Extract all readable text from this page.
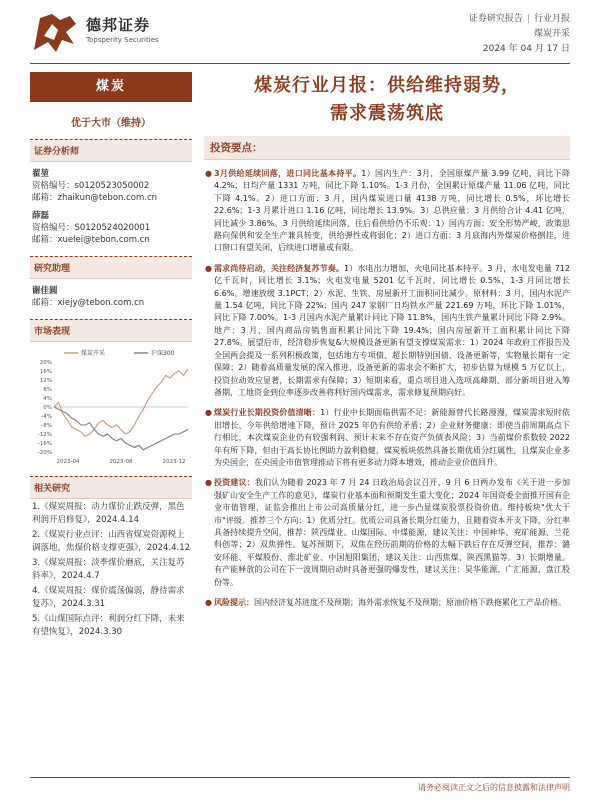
德邦证券
Topsperity Securities
证券研究报告 | 行业月报
煤炭开采
2024 年 04 月 17 日
煤炭
优于大市（维持）
证券分析师
翟堃
资格编号：s0120523050002
邮箱：zhaikun@tebon.com.cn
薛磊
资格编号：S0120524020001
邮箱：xuelei@tebon.com.cn
研究助理
谢佳圆
邮箱：xiejy@tebon.com.cn
市场表现
20%
16%
12%
8%
4%
0%
-4%
-8%
-12%
-16%
-20%
2023-04	2023-08	2023-12
煤炭开采	沪深300
相关研究
1.《煤炭周报：动力煤价止跌反弹，黑色利润开启修复》，2024.4.14
2.《煤炭行业点评：山西省煤炭资源税上调落地，焦煤价格支撑更强》，2024.4.12
3.《煤炭周报：淡季煤价磨底，关注复苏斜率》，2024.4.7
4.《煤炭周报：煤价震荡偏弱，静待需求复苏》，2024.3.31
5.《山煤国际点评：利润分红下降，未来有望恢复》，2024.3.30
煤炭行业月报：供给维持弱势，
需求震荡筑底
投资要点：
● 3月供给延续回落，进口同比基本持平。1）国内生产：3月，全国原煤产量 3.99 亿吨，同比下降 4.2%；日均产量 1331 万吨，同比下降 1.10%。1-3 月份，全国累计原煤产量 11.06 亿吨，同比下降 4.1%。2）进口方面：3 月，国内煤炭进口量 4138 万吨，同比增长 0.5%，环比增长 22.6%；1-3 月累计进口 1.16 亿吨，同比增长 13.9%。3）总供应量：3 月供给合计 4.41 亿吨，同比减少 3.86%。3 月供给延续回落，往后看供给仍不乐观：1）国内方面：安全形势严峻，政策思路向保供和安全生产兼具转变，供给弹性或将弱化；2）进口方面：3 月底海内外煤炭价格倒挂，进口窗口有望关闭，后续进口增量或有限。
● 需求尚待启动，关注经济复苏节奏。1）水电出力增加，火电同比基本持平。3 月，水电发电量 712 亿千瓦时，同比增长 3.1%；火电发电量 5201 亿千瓦时，同比增长 0.5%，1-3 月同比增长 6.6%，增速放缓 3.1PCT；2）水泥、生铁、房屋新开工面积同比减少。原材料：3 月，国内水泥产量 1.54 亿吨，同比下降 22%；国内 247 家钢厂日均铁水产量 221.69 万吨，环比下降 1.01%，同比下降 7.00%。1-3 月国内水泥产量累计同比下降 11.8%，国内生铁产量累计同比下降 2.9%。地产：3 月，国内商品房销售面积累计同比下降 19.4%；国内房屋新开工面积累计同比下降 27.8%。展望后市，经济稳步恢复&大规模设备更新有望支撑煤炭需求：1）2024 年政府工作报告及全国两会提及一系列积极政策，包括地方专项债、超长期特别国债、设备更新等，实物量长期有一定保障；2）随着高质量发展的深入推进，设备更新的需求会不断扩大，初步估算为规模 5 万亿以上，投资拉动效应显著，长期需求有保障；3）短期来看，重点项目进入选项高峰期、部分新项目进入筹备期，工地资金到位率逐步改善将利好国内煤需求，需求修复预期向好。
● 煤炭行业长期投资价值清晰：1）行业中长期面临供需不足：新能源替代长路漫漫，煤炭需求短时依旧增长、今年供给增速下降，预计 2025 年仍有供给矛盾；2）企业财务健康：即使当前周期高点下行相比，本次煤炭企业仍有较强利润、预计未来不存在资产负债表风险；3）当前煤价系数较 2022 年有所下降，但由于高长协比例助力盈利稳健，煤炭板块依然具备长期优质分红属性，且煤炭企业多为央国企，在央国企市值管理推动下将有更多动力降本增效，推动企业价值回升。
● 投资建议：我们认为随着 2023 年 7 月 24 日政治局会议召开、9 月 6 日两办发布《关于进一步加强矿山安全生产工作的意见》，煤炭行业基本面和预期发生重大变化；2024 年国资委全面推开国有企业市值管理，证监会推出上市公司高质量分红，进一步凸显煤炭股票投资价值。维持板块"优大于市"评级。推荐三个方向：1）优质分红。优质公司具备长期分红能力，且随着资本开支下降，分红率具备持续提升空间，推荐：陕西煤业、山煤国际、中煤能源，建议关注：中国神华、兖矿能源、兰花科创等；2）双焦弹性。复苏预期下，双焦在经历前期的价格的大幅下跌后存在反弹空间，推荐：潞安环能、平煤股份、淮北矿业、中国旭阳集团，建议关注：山西焦煤、陕西黑猫等。3）长期增量。有产能释放的公司在下一波周期启动时具备更强的爆发性，建议关注：昊华能源、广汇能源、盘江股份等。
● 风险提示：国内经济复苏进度不及预期；海外需求恢复不及预期；原油价格下跌拖累化工产品价格。
请务必阅读正文之后的信息披露和法律声明
